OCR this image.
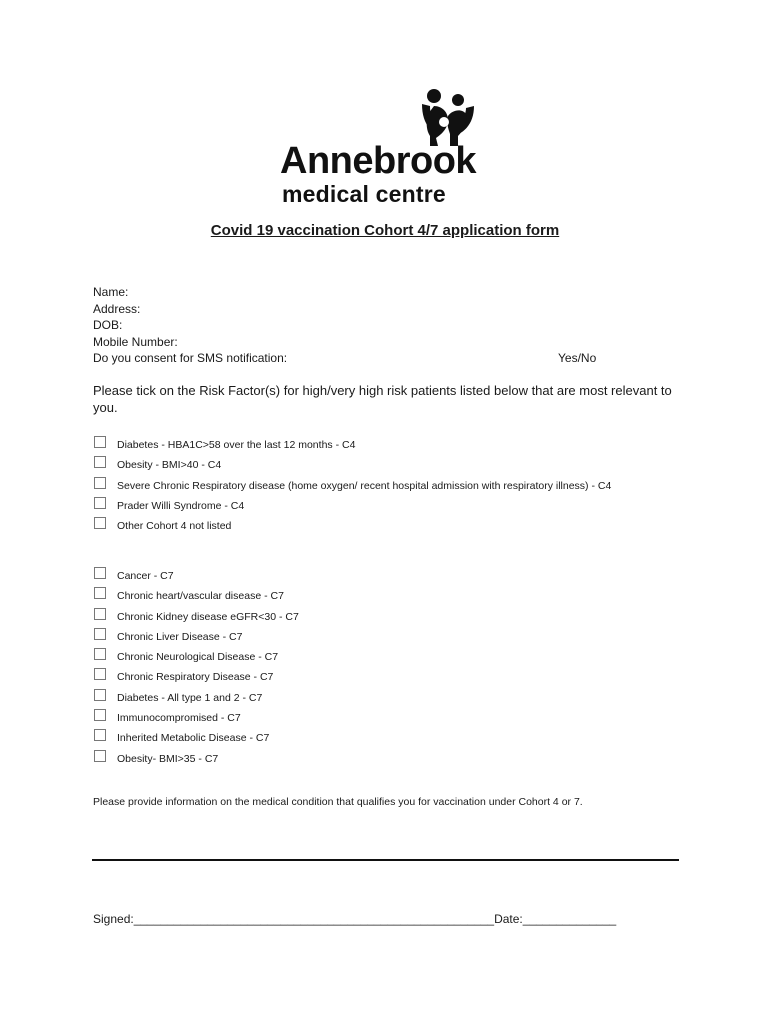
Annebrook
medical centre
Covid 19 vaccination Cohort 4/7 application form
Name:
Address:
DOB:
Mobile Number:
Do you consent for SMS notification:	Yes/No
Please tick on the Risk Factor(s) for high/very high risk patients listed below that are most relevant to you.
Diabetes - HBA1C>58 over the last 12 months - C4
Obesity - BMI>40 - C4
Severe Chronic Respiratory disease (home oxygen/ recent hospital admission with respiratory illness) - C4
Prader Willi Syndrome - C4
Other Cohort 4 not listed
Cancer - C7
Chronic heart/vascular disease - C7
Chronic Kidney disease eGFR<30 - C7
Chronic Liver Disease - C7
Chronic Neurological Disease - C7
Chronic Respiratory Disease - C7
Diabetes - All type 1 and 2 - C7
Immunocompromised - C7
Inherited Metabolic Disease - C7
Obesity- BMI>35 - C7
Please provide information on the medical condition that qualifies you for vaccination under Cohort 4 or 7.
Signed:______________________________________________________Date:______________
